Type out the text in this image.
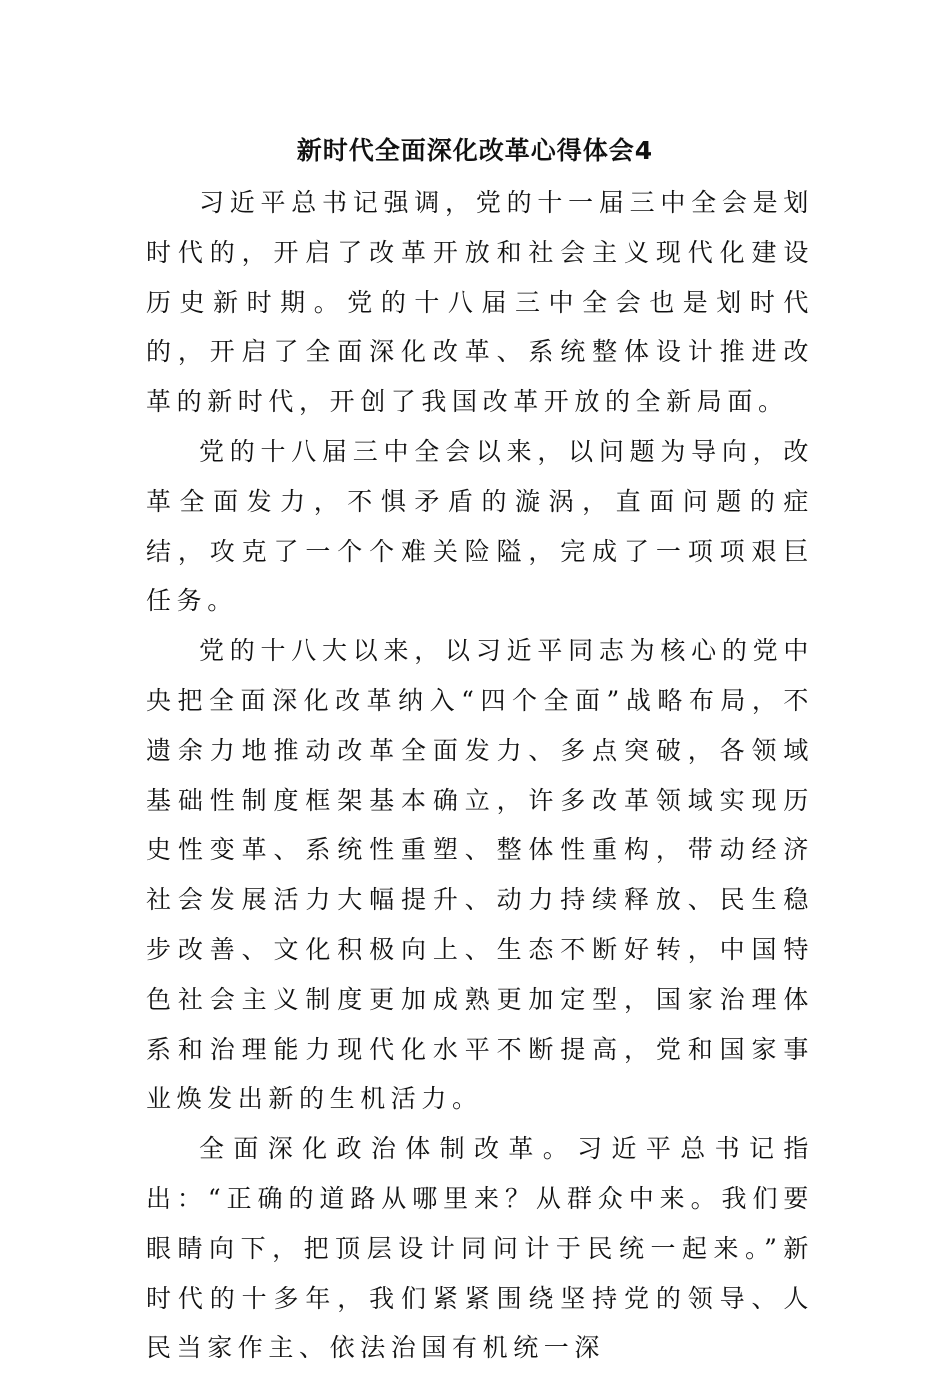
新时代全面深化改革心得体会4

习近平总书记强调，党的十一届三中全会是划时代的，开启了改革开放和社会主义现代化建设历史新时期。党的十八届三中全会也是划时代的，开启了全面深化改革、系统整体设计推进改革的新时代，开创了我国改革开放的全新局面。

党的十八届三中全会以来，以问题为导向，改革全面发力，不惧矛盾的漩涡，直面问题的症结，攻克了一个个难关险隘，完成了一项项艰巨任务。

党的十八大以来，以习近平同志为核心的党中央把全面深化改革纳入“四个全面”战略布局，不遗余力地推动改革全面发力、多点突破，各领域基础性制度框架基本确立，许多改革领域实现历史性变革、系统性重塑、整体性重构，带动经济社会发展活力大幅提升、动力持续释放、民生稳步改善、文化积极向上、生态不断好转，中国特色社会主义制度更加成熟更加定型，国家治理体系和治理能力现代化水平不断提高，党和国家事业焕发出新的生机活力。

全面深化政治体制改革。习近平总书记指出：“正确的道路从哪里来？从群众中来。我们要眼睛向下，把顶层设计同问计于民统一起来。”新时代的十多年，我们紧紧围绕坚持党的领导、人民当家作主、依法治国有机统一深
